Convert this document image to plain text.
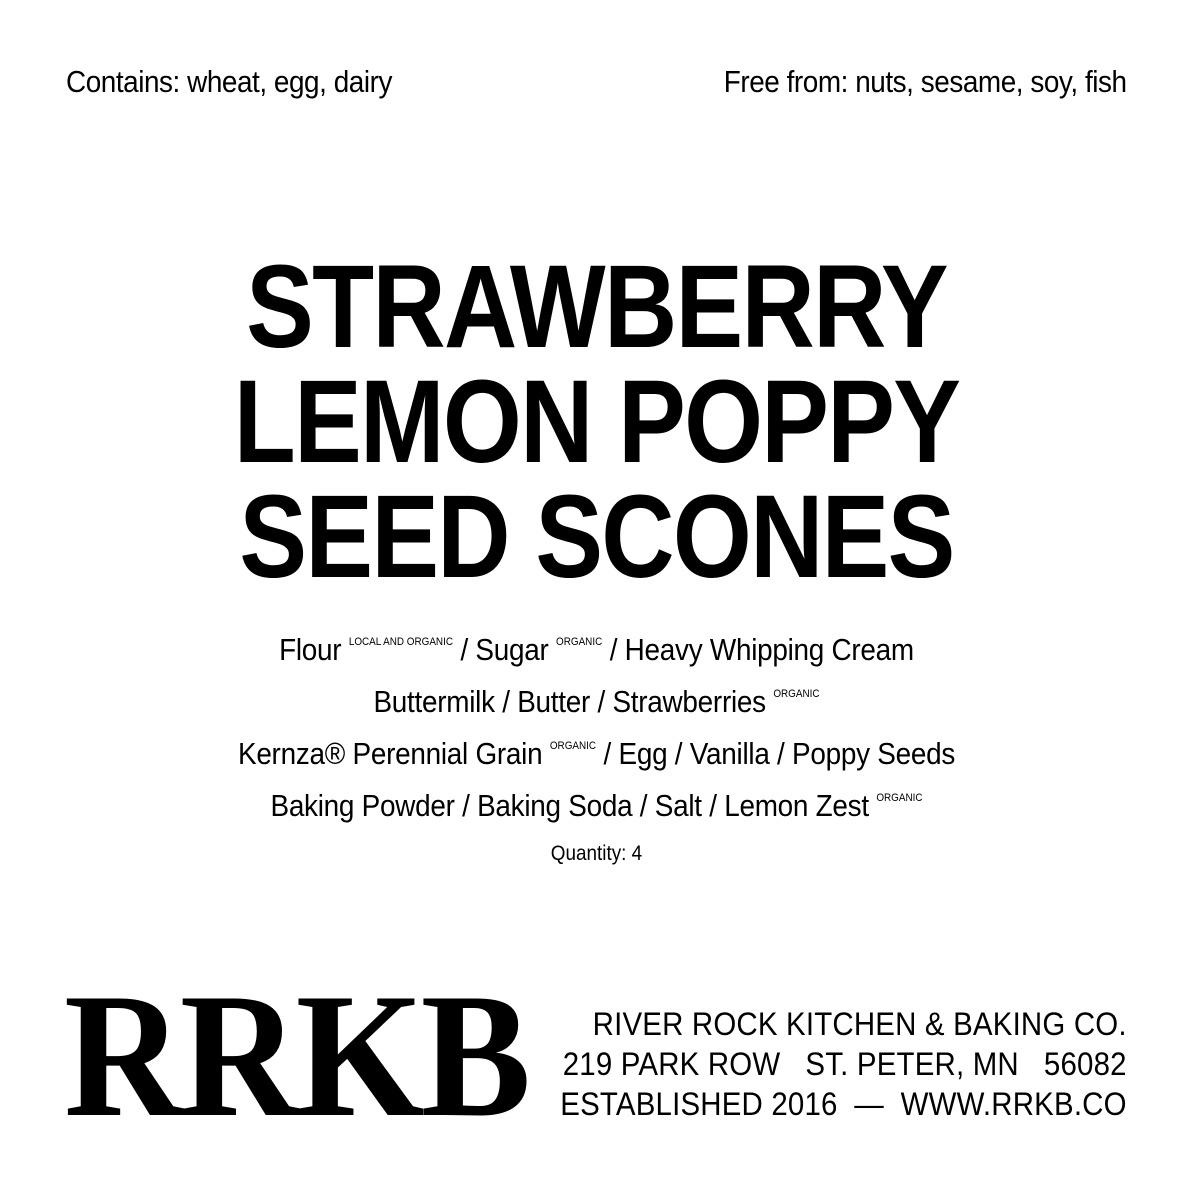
Contains: wheat, egg, dairy	Free from: nuts, sesame, soy, fish
STRAWBERRY
LEMON POPPY
SEED SCONES
Flour $^{LOCAL AND ORGANIC}$ / Sugar $^{ORGANIC}$ / Heavy Whipping Cream
Buttermilk / Butter / Strawberries $^{ORGANIC}$
Kernza® Perennial Grain $^{ORGANIC}$ / Egg / Vanilla / Poppy Seeds
Baking Powder / Baking Soda / Salt / Lemon Zest $^{ORGANIC}$
Quantity: 4
RRKB	RIVER ROCK KITCHEN & BAKING CO.
219 PARK ROW   ST. PETER, MN   56082
ESTABLISHED 2016  —  WWW.RRKB.CO
